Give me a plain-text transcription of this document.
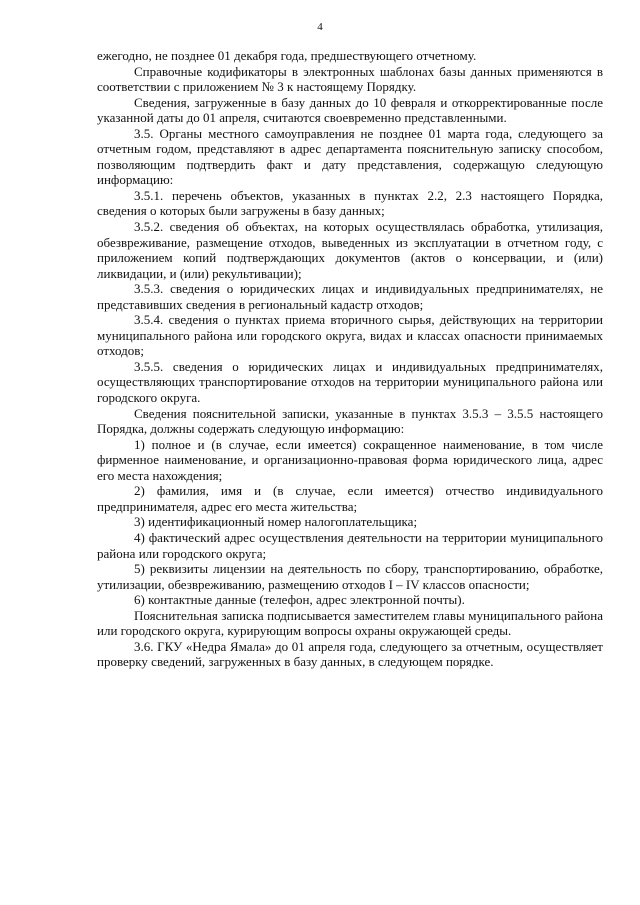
4

ежегодно, не позднее 01 декабря года, предшествующего отчетному.

Справочные кодификаторы в электронных шаблонах базы данных применяются в соответствии с приложением № 3 к настоящему Порядку.

Сведения, загруженные в базу данных до 10 февраля и откорректированные после указанной даты до 01 апреля, считаются своевременно представленными.

3.5. Органы местного самоуправления не позднее 01 марта года, следующего за отчетным годом, представляют в адрес департамента пояснительную записку способом, позволяющим подтвердить факт и дату представления, содержащую следующую информацию:

3.5.1. перечень объектов, указанных в пунктах 2.2, 2.3 настоящего Порядка, сведения о которых были загружены в базу данных;

3.5.2. сведения об объектах, на которых осуществлялась обработка, утилизация, обезвреживание, размещение отходов, выведенных из эксплуатации в отчетном году, с приложением копий подтверждающих документов (актов о консервации, и (или) ликвидации, и (или) рекультивации);

3.5.3. сведения о юридических лицах и индивидуальных предпринимателях, не представивших сведения в региональный кадастр отходов;

3.5.4. сведения о пунктах приема вторичного сырья, действующих на территории муниципального района или городского округа, видах и классах опасности принимаемых отходов;

3.5.5. сведения о юридических лицах и индивидуальных предпринимателях, осуществляющих транспортирование отходов на территории муниципального района или городского округа.

Сведения пояснительной записки, указанные в пунктах 3.5.3 – 3.5.5 настоящего Порядка, должны содержать следующую информацию:

1) полное и (в случае, если имеется) сокращенное наименование, в том числе фирменное наименование, и организационно-правовая форма юридического лица, адрес его места нахождения;

2) фамилия, имя и (в случае, если имеется) отчество индивидуального предпринимателя, адрес его места жительства;

3) идентификационный номер налогоплательщика;

4) фактический адрес осуществления деятельности на территории муниципального района или городского округа;

5) реквизиты лицензии на деятельность по сбору, транспортированию, обработке, утилизации, обезвреживанию, размещению отходов I – IV классов опасности;

6) контактные данные (телефон, адрес электронной почты).

Пояснительная записка подписывается заместителем главы муниципального района или городского округа, курирующим вопросы охраны окружающей среды.

3.6. ГКУ «Недра Ямала» до 01 апреля года, следующего за отчетным, осуществляет проверку сведений, загруженных в базу данных, в следующем порядке.
